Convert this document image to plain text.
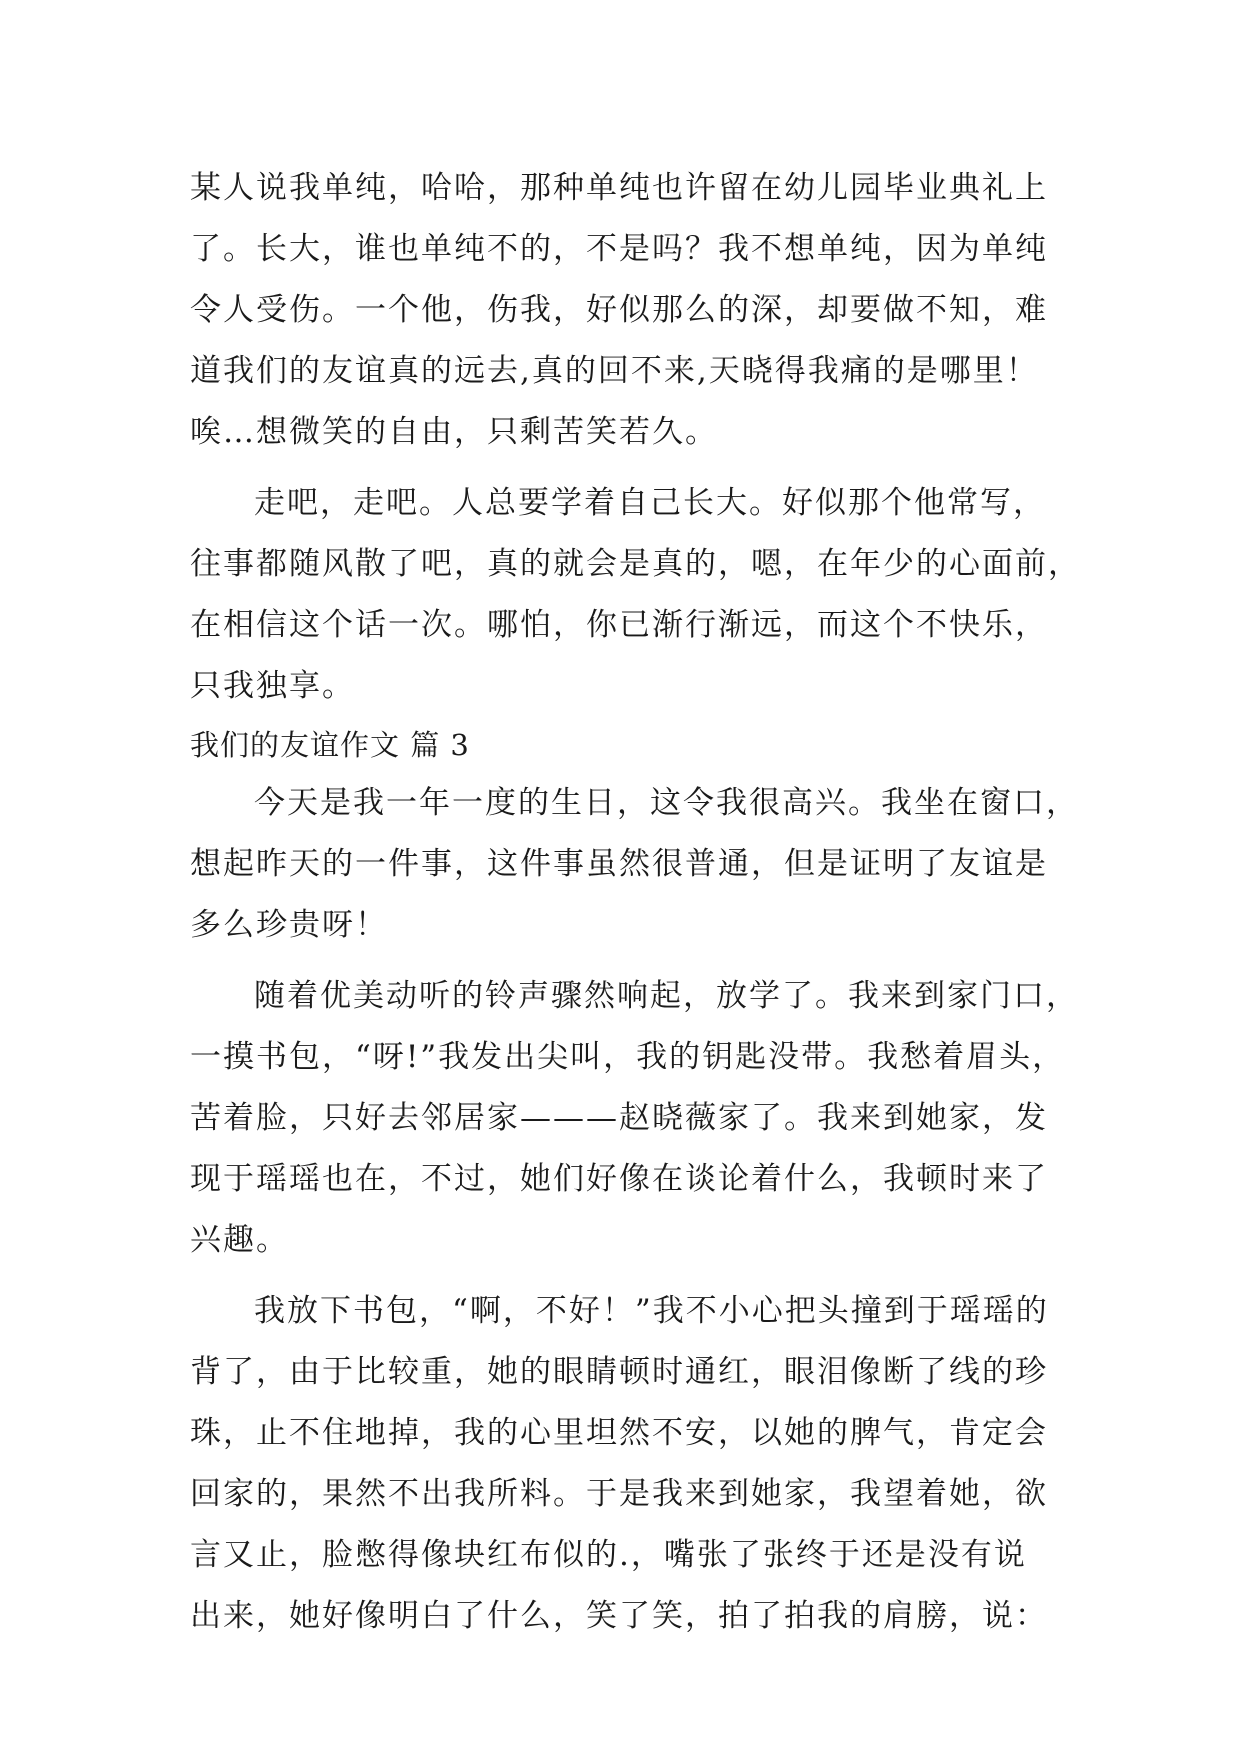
某人说我单纯，哈哈，那种单纯也许留在幼儿园毕业典礼上
了。长大，谁也单纯不的，不是吗？我不想单纯，因为单纯
令人受伤。一个他，伤我，好似那么的深，却要做不知，难
道我们的友谊真的远去,真的回不来,天晓得我痛的是哪里！
唉…想微笑的自由，只剩苦笑若久。
走吧，走吧。人总要学着自己长大。好似那个他常写，
往事都随风散了吧，真的就会是真的，嗯，在年少的心面前，
在相信这个话一次。哪怕，你已渐行渐远，而这个不快乐，
只我独享。
我们的友谊作文 篇 3
今天是我一年一度的生日，这令我很高兴。我坐在窗口，
想起昨天的一件事，这件事虽然很普通，但是证明了友谊是
多么珍贵呀！
随着优美动听的铃声骤然响起，放学了。我来到家门口，
一摸书包，“呀!”我发出尖叫，我的钥匙没带。我愁着眉头，
苦着脸，只好去邻居家———赵晓薇家了。我来到她家，发
现于瑶瑶也在，不过，她们好像在谈论着什么，我顿时来了
兴趣。
我放下书包，“啊，不好！”我不小心把头撞到于瑶瑶的
背了，由于比较重，她的眼睛顿时通红，眼泪像断了线的珍
珠，止不住地掉，我的心里坦然不安，以她的脾气，肯定会
回家的，果然不出我所料。于是我来到她家，我望着她，欲
言又止，脸憋得像块红布似的.，嘴张了张终于还是没有说
出来，她好像明白了什么，笑了笑，拍了拍我的肩膀，说：
